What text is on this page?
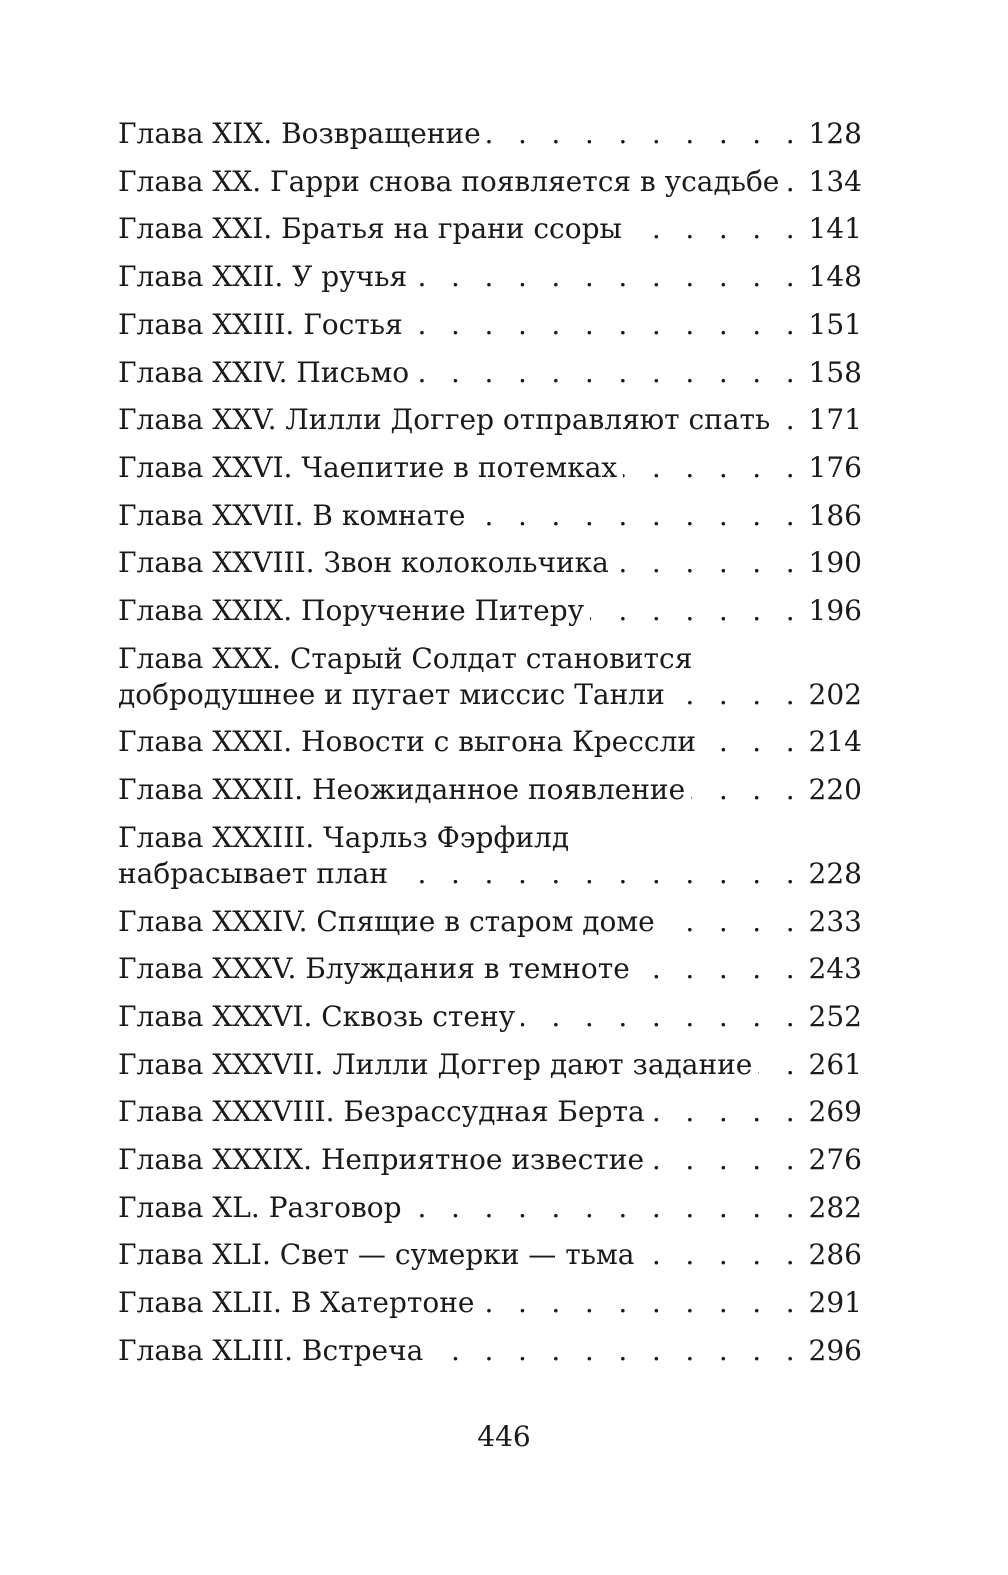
Глава XIX. Возвращение . . .	128
Глава XX. Гарри снова появляется в усадьбе . . . 134
Глава XXI. Братья на грани ссоры . . .	141
Глава XXII. У ручья . . .	148
Глава XXIII. Гостья . . .	151
Глава XXIV. Письмо . . .	158
Глава XXV. Лилли Доггер отправляют спать . . . 171
Глава XXVI. Чаепитие в потемках . . .	176
Глава XXVII. В комнате . . .	186
Глава XXVIII. Звон колокольчика . . .	190
Глава XXIX. Поручение Питеру . . .	196
Глава XXX. Старый Солдат становится
добродушнее и пугает миссис Танли . . .	202
Глава XXXI. Новости с выгона Крессли . . .	214
Глава XXXII. Неожиданное появление . . .	220
Глава XXXIII. Чарльз Фэрфилд
набрасывает план . . .	228
Глава XXXIV. Спящие в старом доме . . .	233
Глава XXXV. Блуждания в темноте . . .	243
Глава XXXVI. Сквозь стену . . .	252
Глава XXXVII. Лилли Доггер дают задание . . . 261
Глава XXXVIII. Безрассудная Берта . . .	269
Глава XXXIX. Неприятное известие . . .	276
Глава XL. Разговор . . .	282
Глава XLI. Свет — сумерки — тьма . . .	286
Глава XLII. В Хатертоне . . .	291
Глава XLIII. Встреча . . .	296
446
